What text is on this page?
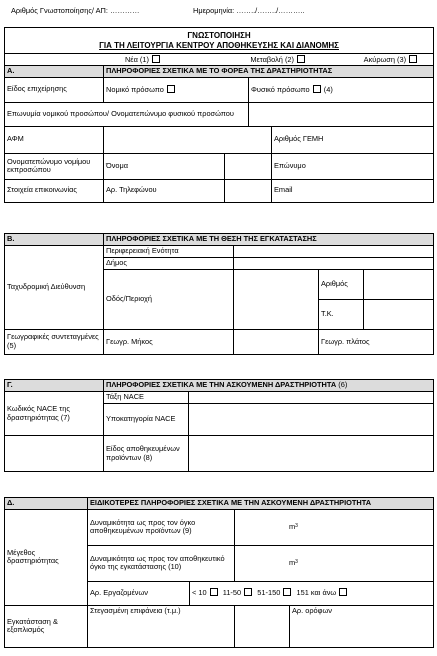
Αριθμός Γνωστοποίησης/ ΑΠ: …………	Ημερομηνία: ……../……../………..
ΓΝΩΣΤΟΠΟΙΗΣΗ
ΓΙΑ ΤΗ ΛΕΙΤΟΥΡΓΙΑ ΚΕΝΤΡΟΥ ΑΠΟΘΗΚΕΥΣΗΣ ΚΑΙ ΔΙΑΝΟΜΗΣ				

Νέα (1) Μεταβολή (2) Ακύρωση (3)				
Α.	ΠΛΗΡΟΦΟΡΙΕΣ ΣΧΕΤΙΚΑ ΜΕ ΤΟ ΦΟΡΕΑ ΤΗΣ ΔΡΑΣΤΗΡΙΟΤΗΤΑΣ			
Είδος επιχείρησης	Νομικό πρόσωπο		Φυσικό πρόσωπο (4)	
Επωνυμία νομικού προσώπου/ Ονοματεπώνυμο φυσικού προσώπου				
ΑΦΜ				Αριθμός ΓΕΜΗ
Ονοματεπώνυμο νομίμου εκπροσώπου	Όνομα			Επώνυμο
Στοιχεία επικοινωνίας	Αρ. Τηλεφώνου			Email
Β.	ΠΛΗΡΟΦΟΡΙΕΣ ΣΧΕΤΙΚΑ ΜΕ ΤΗ ΘΕΣΗ ΤΗΣ ΕΓΚΑΤΑΣΤΑΣΗΣ			
Ταχυδρομική Διεύθυνση	Περιφερειακή Ενότητα			
	Δήμος			
	Οδός/Περιοχή		Αριθμός	
			Τ.Κ.	
Γεωγραφικές συντεταγμένες (5)	Γεωγρ. Μήκος		Γεωγρ. πλάτος	
Γ.	ΠΛΗΡΟΦΟΡΙΕΣ ΣΧΕΤΙΚΑ ΜΕ ΤΗΝ ΑΣΚΟΥΜΕΝΗ ΔΡΑΣΤΗΡΙΟΤΗΤΑ (6)	
Κωδικός NACE της δραστηριότητας (7)	Τάξη NACE	
	Υποκατηγορία NACE	
	Είδος αποθηκευμένων προϊόντων (8)	
Δ.	ΕΙΔΙΚΟΤΕΡΕΣ ΠΛΗΡΟΦΟΡΙΕΣ ΣΧΕΤΙΚΑ ΜΕ ΤΗΝ ΑΣΚΟΥΜΕΝΗ ΔΡΑΣΤΗΡΙΟΤΗΤΑ			
Μέγεθος δραστηριότητας	Δυναμικότητα ως προς τον όγκο αποθηκευμένων προϊόντων (9)		$m^3$
	Δυναμικότητα ως προς τον αποθηκευτικό όγκο της εγκατάστασης (10)		$m^3$
	Αρ. Εργαζομένων	< 10 11-50 51-150 151 και άνω		
Εγκατάσταση & εξοπλισμός	Στεγασμένη επιφάνεια (τ.μ.)			Αρ. ορόφων
